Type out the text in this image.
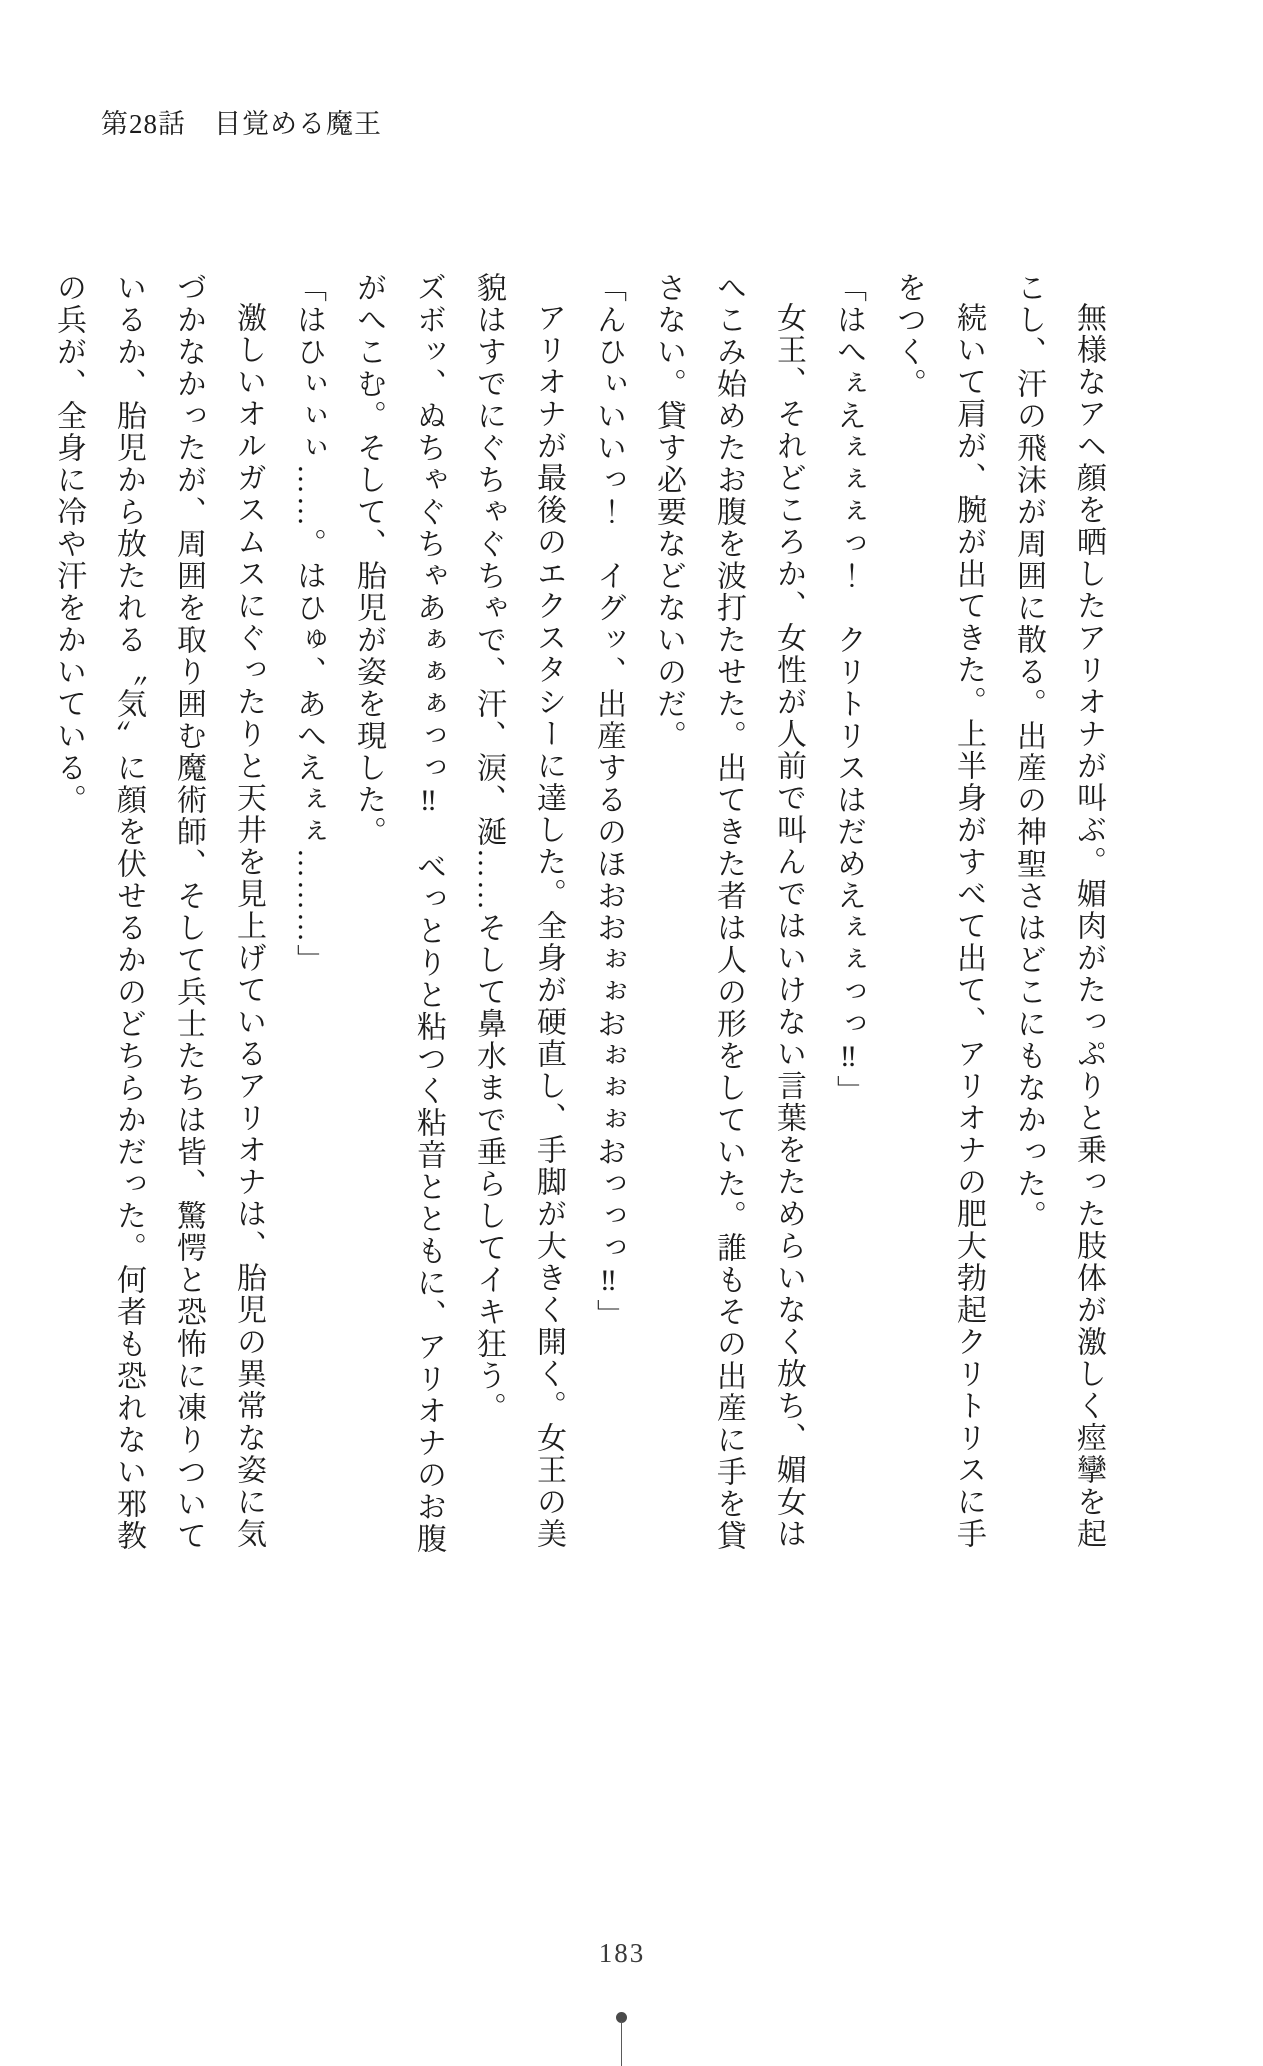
第28話　目覚める魔王

無様なアヘ顔を晒したアリオナが叫ぶ。媚肉がたっぷりと乗った肢体が激しく痙攣を起こし、汗の飛沫が周囲に散る。出産の神聖さはどこにもなかった。

続いて肩が、腕が出てきた。上半身がすべて出て、アリオナの肥大勃起クリトリスに手をつく。

「はへぇえぇぇぇっ！　クリトリスはだめえぇぇっっ‼」

女王、それどころか、女性が人前で叫んではいけない言葉をためらいなく放ち、媚女はへこみ始めたお腹を波打たせた。出てきた者は人の形をしていた。誰もその出産に手を貸さない。貸す必要などないのだ。

「んひぃいいっ！　イグッ、出産するのほおおぉぉおぉぉぉおっっっ‼」

アリオナが最後のエクスタシーに達した。全身が硬直し、手脚が大きく開く。女王の美貌はすでにぐちゃぐちゃで、汗、涙、涎……そして鼻水まで垂らしてイキ狂う。

ズボッ、ぬちゃぐちゃあぁぁぁっっ‼　べっとりと粘つく粘音とともに、アリオナのお腹がへこむ。そして、胎児が姿を現した。

「はひぃぃぃ……。はひゅ、あへえぇぇ………」

激しいオルガスムスにぐったりと天井を見上げているアリオナは、胎児の異常な姿に気づかなかったが、周囲を取り囲む魔術師、そして兵士たちは皆、驚愕と恐怖に凍りついているか、胎児から放たれる〝気〟に顔を伏せるかのどちらかだった。何者も恐れない邪教の兵が、全身に冷や汗をかいている。

183
